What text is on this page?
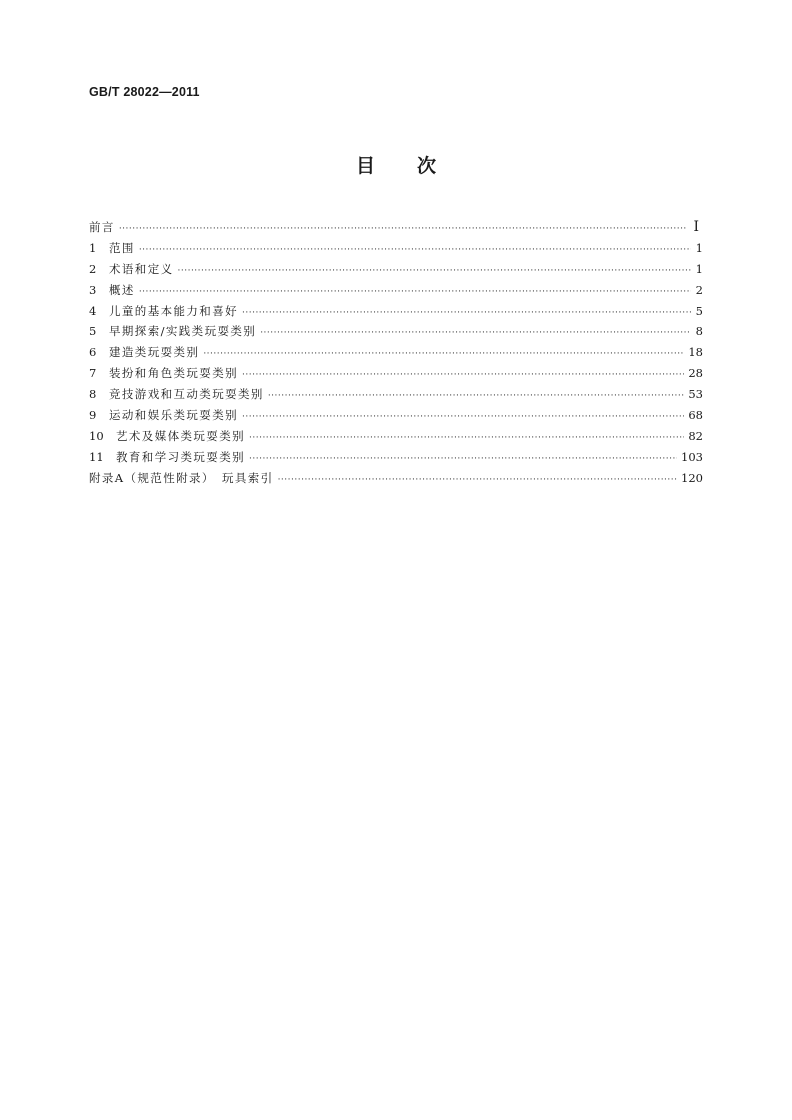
GB/T 28022—2011
目次
前言 ·····	Ⅰ
1	范围 ·····	1
2	术语和定义 ·····	1
3	概述 ·····	2
4	儿童的基本能力和喜好 ·····	5
5	早期探索/实践类玩耍类别 ·····	8
6	建造类玩耍类别 ·····	18
7	装扮和角色类玩耍类别 ·····	28
8	竞技游戏和互动类玩耍类别 ·····	53
9	运动和娱乐类玩耍类别 ·····	68
10	艺术及媒体类玩耍类别 ·····	82
11	教育和学习类玩耍类别 ·····	103
附录A（规范性附录）　玩具索引 ·····	120
